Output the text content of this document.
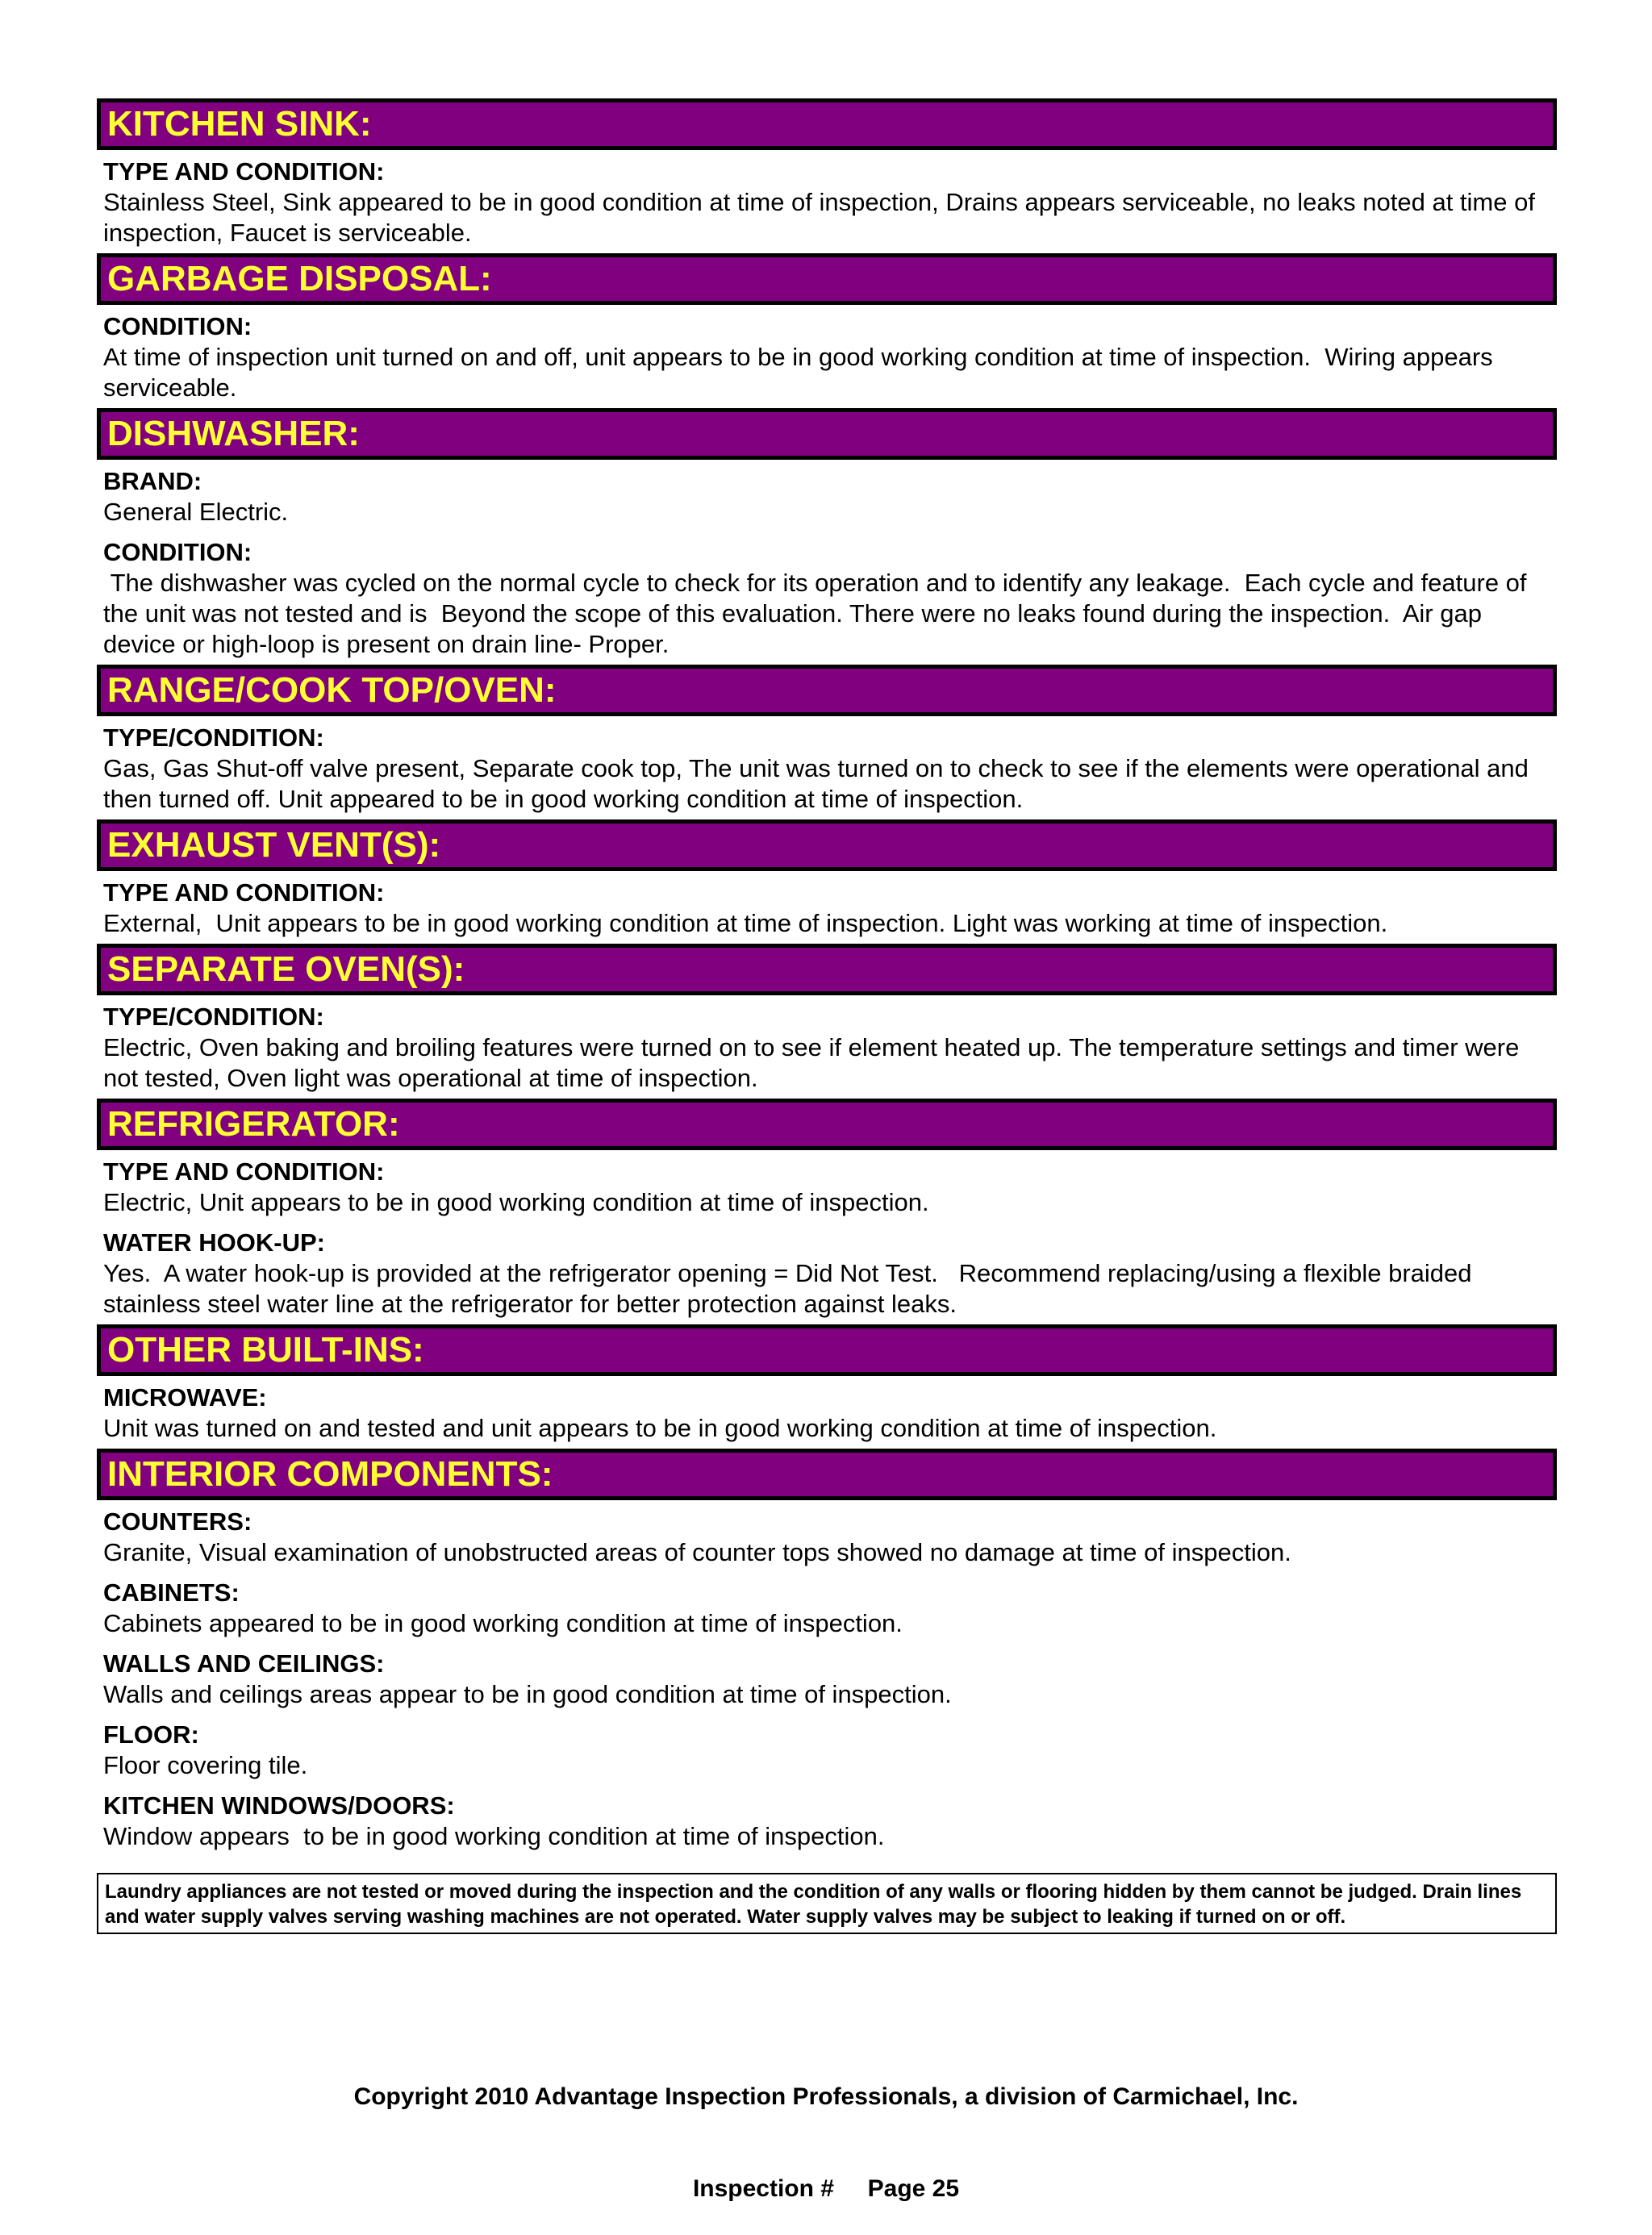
KITCHEN SINK:
TYPE AND CONDITION:
Stainless Steel, Sink appeared to be in good condition at time of inspection, Drains appears serviceable, no leaks noted at time of inspection, Faucet is serviceable.
GARBAGE DISPOSAL:
CONDITION:
At time of inspection unit turned on and off, unit appears to be in good working condition at time of inspection.  Wiring appears serviceable.
DISHWASHER:
BRAND:
General Electric.
CONDITION:
The dishwasher was cycled on the normal cycle to check for its operation and to identify any leakage.  Each cycle and feature of the unit was not tested and is  Beyond the scope of this evaluation. There were no leaks found during the inspection.  Air gap device or high-loop is present on drain line- Proper.
RANGE/COOK TOP/OVEN:
TYPE/CONDITION:
Gas, Gas Shut-off valve present, Separate cook top, The unit was turned on to check to see if the elements were operational and then turned off. Unit appeared to be in good working condition at time of inspection.
EXHAUST VENT(S):
TYPE AND CONDITION:
External,  Unit appears to be in good working condition at time of inspection. Light was working at time of inspection.
SEPARATE OVEN(S):
TYPE/CONDITION:
Electric, Oven baking and broiling features were turned on to see if element heated up. The temperature settings and timer were not tested, Oven light was operational at time of inspection.
REFRIGERATOR:
TYPE AND CONDITION:
Electric, Unit appears to be in good working condition at time of inspection.
WATER HOOK-UP:
Yes.  A water hook-up is provided at the refrigerator opening = Did Not Test.   Recommend replacing/using a flexible braided stainless steel water line at the refrigerator for better protection against leaks.
OTHER BUILT-INS:
MICROWAVE:
Unit was turned on and tested and unit appears to be in good working condition at time of inspection.
INTERIOR COMPONENTS:
COUNTERS:
Granite, Visual examination of unobstructed areas of counter tops showed no damage at time of inspection.
CABINETS:
Cabinets appeared to be in good working condition at time of inspection.
WALLS AND CEILINGS:
Walls and ceilings areas appear to be in good condition at time of inspection.
FLOOR:
Floor covering tile.
KITCHEN WINDOWS/DOORS:
Window appears  to be in good working condition at time of inspection.
Laundry appliances are not tested or moved during the inspection and the condition of any walls or flooring hidden by them cannot be judged. Drain lines and water supply valves serving washing machines are not operated. Water supply valves may be subject to leaking if turned on or off.

Copyright 2010 Advantage Inspection Professionals, a division of Carmichael, Inc.

Inspection #     Page 25
